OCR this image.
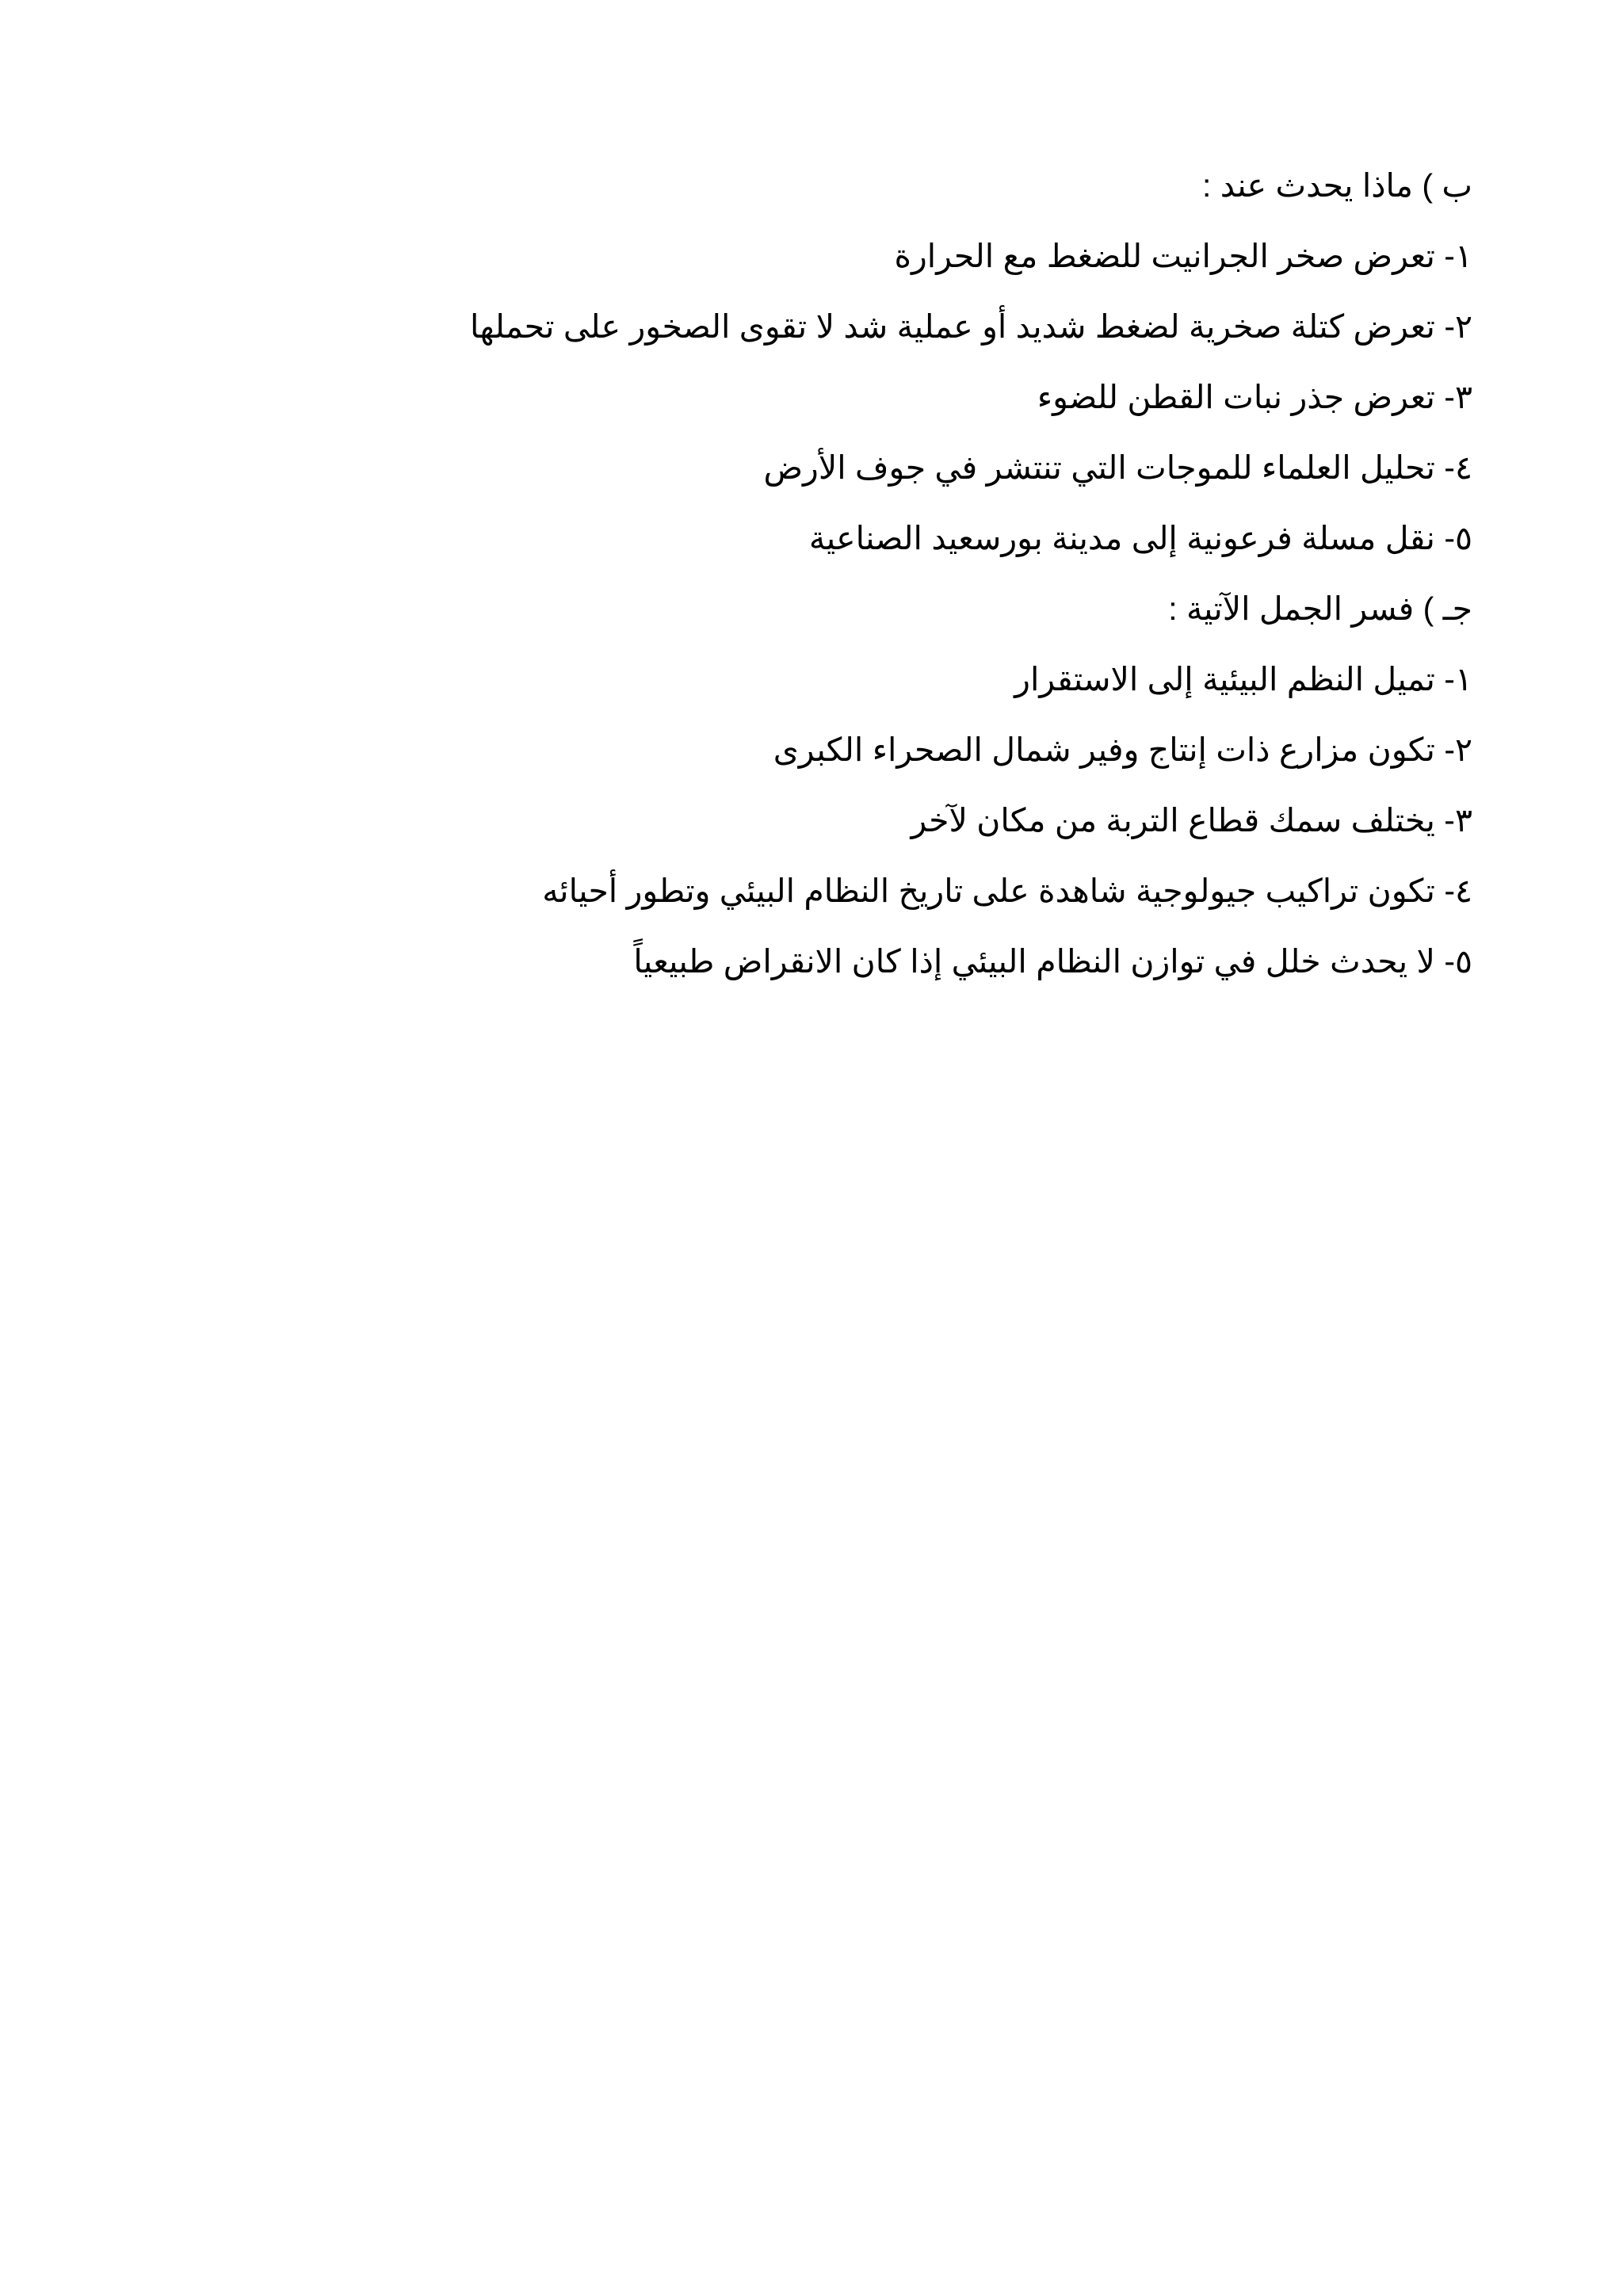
ب ) ماذا يحدث عند :
١- تعرض صخر الجرانيت للضغط مع الحرارة
٢- تعرض كتلة صخرية لضغط شديد أو عملية شد لا تقوى الصخور على تحملها
٣- تعرض جذر نبات القطن للضوء
٤- تحليل العلماء للموجات التي تنتشر في جوف الأرض
٥- نقل مسلة فرعونية إلى مدينة بورسعيد الصناعية
جـ ) فسر الجمل الآتية :
١- تميل النظم البيئية إلى الاستقرار
٢- تكون مزارع ذات إنتاج وفير شمال الصحراء الكبرى
٣- يختلف سمك قطاع التربة من مكان لآخر
٤- تكون تراكيب جيولوجية شاهدة على تاريخ النظام البيئي وتطور أحيائه
٥- لا يحدث خلل في توازن النظام البيئي إذا كان الانقراض طبيعياً
